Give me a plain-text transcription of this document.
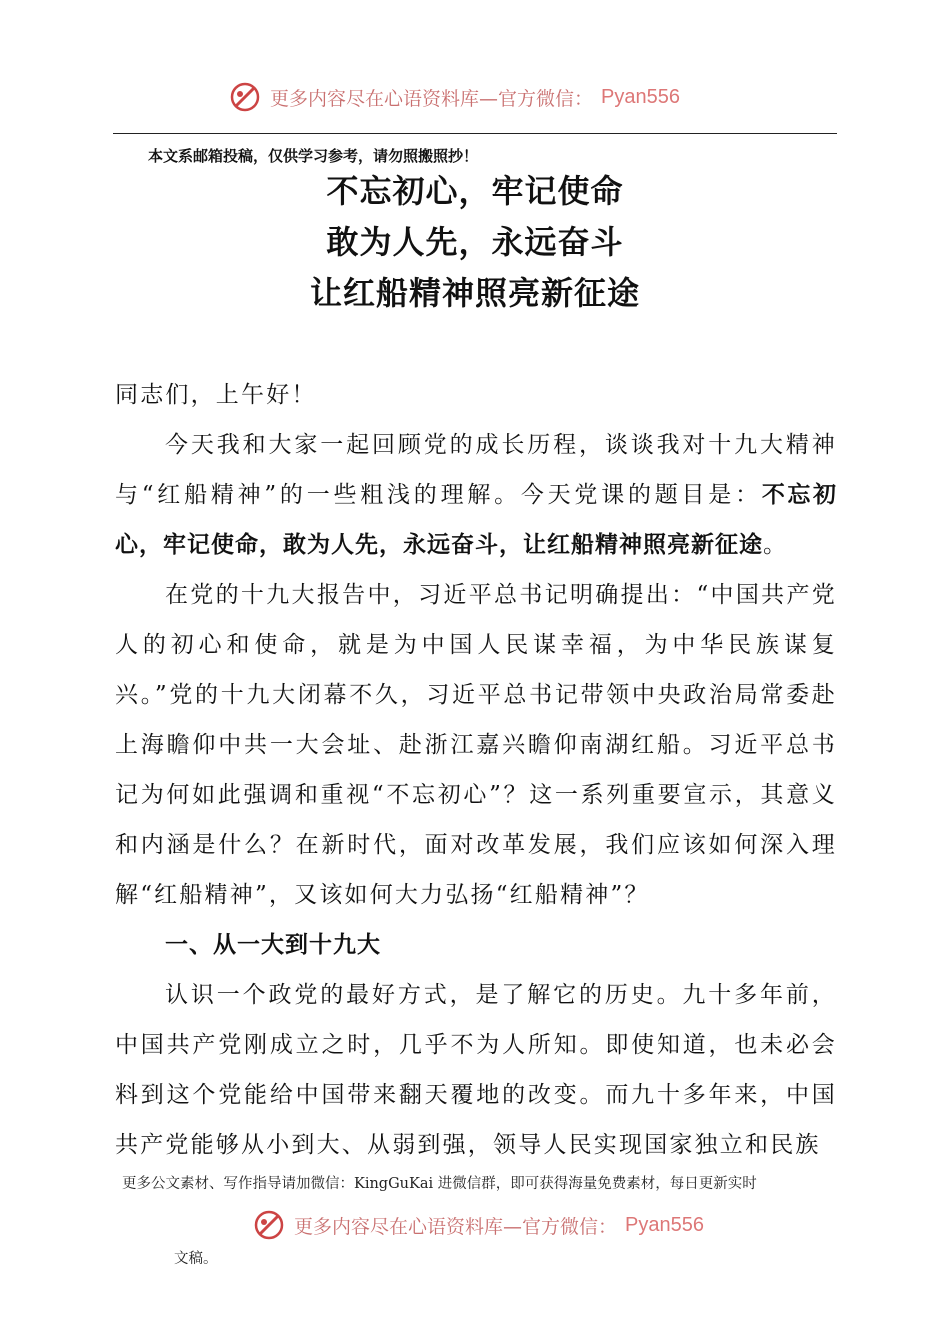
更多内容尽在心语资料库—官方微信： Pyan556
本文系邮箱投稿，仅供学习参考，请勿照搬照抄！
不忘初心，牢记使命
敢为人先，永远奋斗
让红船精神照亮新征途

同志们，上午好！

今天我和大家一起回顾党的成长历程，谈谈我对十九大精神与“红船精神”的一些粗浅的理解。今天党课的题目是：不忘初心，牢记使命，敢为人先，永远奋斗，让红船精神照亮新征途。

在党的十九大报告中，习近平总书记明确提出：“中国共产党人的初心和使命，就是为中国人民谋幸福，为中华民族谋复兴。”党的十九大闭幕不久，习近平总书记带领中央政治局常委赴上海瞻仰中共一大会址、赴浙江嘉兴瞻仰南湖红船。习近平总书记为何如此强调和重视“不忘初心”？这一系列重要宣示，其意义和内涵是什么？在新时代，面对改革发展，我们应该如何深入理解“红船精神”，又该如何大力弘扬“红船精神”？

一、从一大到十九大

认识一个政党的最好方式，是了解它的历史。九十多年前，中国共产党刚成立之时，几乎不为人所知。即使知道，也未必会料到这个党能给中国带来翻天覆地的改变。而九十多年来，中国共产党能够从小到大、从弱到强，领导人民实现国家独立和民族

更多公文素材、写作指导请加微信：KingGuKai 进微信群，即可获得海量免费素材，每日更新实时
更多内容尽在心语资料库—官方微信： Pyan556
文稿。
